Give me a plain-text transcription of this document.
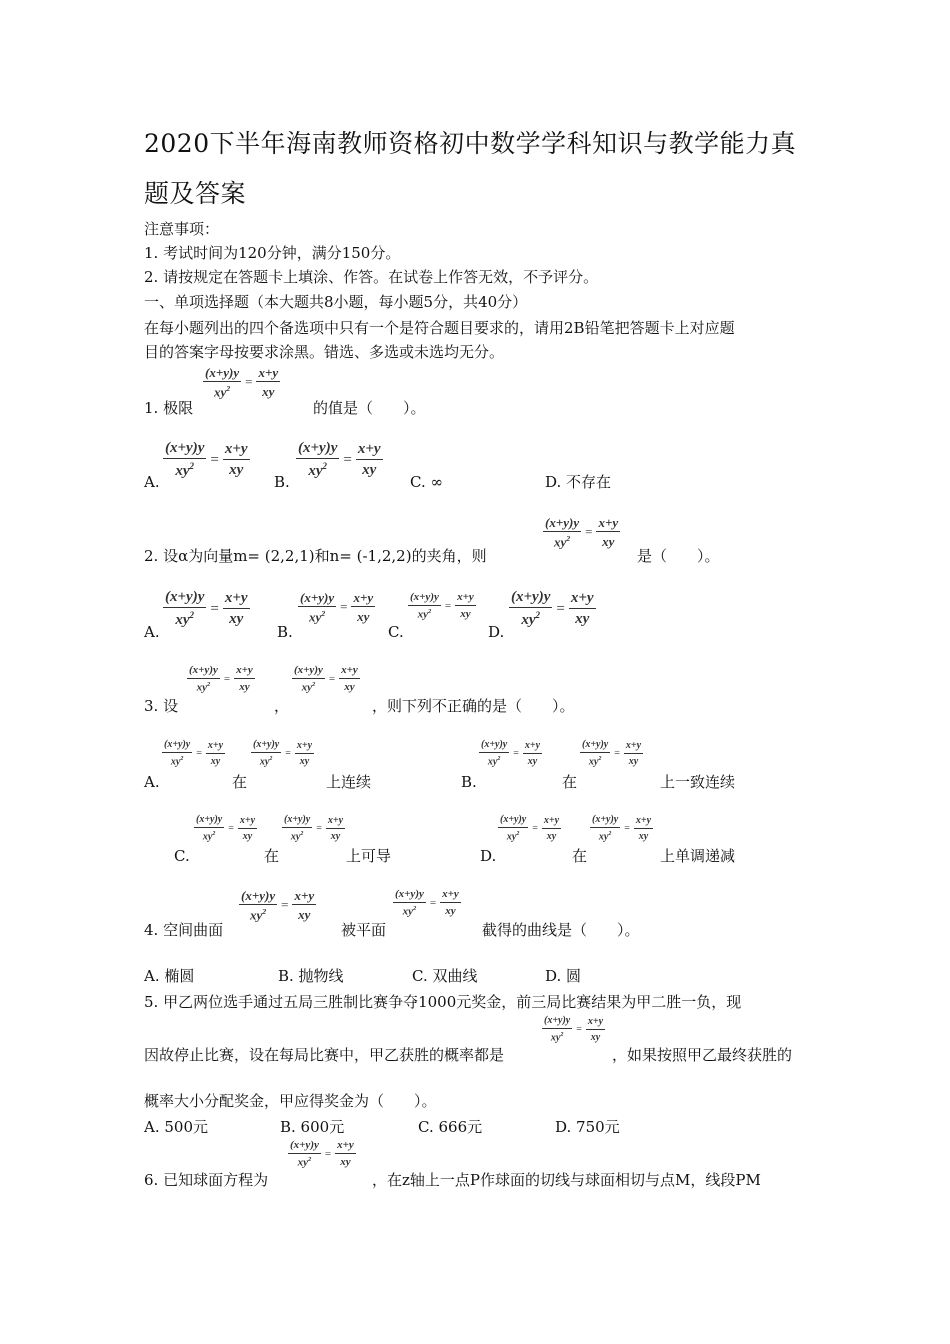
2020下半年海南教师资格初中数学学科知识与教学能力真
题及答案
注意事项：
1. 考试时间为120分钟，满分150分。
2. 请按规定在答题卡上填涂、作答。在试卷上作答无效，不予评分。
一、单项选择题（本大题共8小题，每小题5分，共40分）
在每小题列出的四个备选项中只有一个是符合题目要求的，请用2B铅笔把答题卡上对应题
目的答案字母按要求涂黑。错选、多选或未选均无分。
1. 极限
$\frac{(x+y)y}{xy^2} = \frac{x+y}{xy}$
的值是（　　）。
A.
$\frac{(x+y)y}{xy^2} = \frac{x+y}{xy}$
B.
$\frac{(x+y)y}{xy^2} = \frac{x+y}{xy}$
C. ∞	D. 不存在
2. 设α为向量m= (2,2,1)和n= (-1,2,2)的夹角，则
$\frac{(x+y)y}{xy^2} = \frac{x+y}{xy}$
是（　　）。
A.
$\frac{(x+y)y}{xy^2} = \frac{x+y}{xy}$
B.
$\frac{(x+y)y}{xy^2} = \frac{x+y}{xy}$
C.
$\frac{(x+y)y}{xy^2} = \frac{x+y}{xy}$
D.
$\frac{(x+y)y}{xy^2} = \frac{x+y}{xy}$
3. 设
$\frac{(x+y)y}{xy^2} = \frac{x+y}{xy}$
，
$\frac{(x+y)y}{xy^2} = \frac{x+y}{xy}$
，则下列不正确的是（　　）。
A.
$\frac{(x+y)y}{xy^2} = \frac{x+y}{xy}$
在
$\frac{(x+y)y}{xy^2} = \frac{x+y}{xy}$
上连续	B.
$\frac{(x+y)y}{xy^2} = \frac{x+y}{xy}$
在
$\frac{(x+y)y}{xy^2} = \frac{x+y}{xy}$
上一致连续
C.
$\frac{(x+y)y}{xy^2} = \frac{x+y}{xy}$
在
$\frac{(x+y)y}{xy^2} = \frac{x+y}{xy}$
上可导	D.
$\frac{(x+y)y}{xy^2} = \frac{x+y}{xy}$
在
$\frac{(x+y)y}{xy^2} = \frac{x+y}{xy}$
上单调递减
4. 空间曲面
$\frac{(x+y)y}{xy^2} = \frac{x+y}{xy}$
被平面
$\frac{(x+y)y}{xy^2} = \frac{x+y}{xy}$
截得的曲线是（　　）。
A. 椭圆	B. 抛物线	C. 双曲线	D. 圆
5. 甲乙两位选手通过五局三胜制比赛争夺1000元奖金，前三局比赛结果为甲二胜一负，现
因故停止比赛，设在每局比赛中，甲乙获胜的概率都是
$\frac{(x+y)y}{xy^2} = \frac{x+y}{xy}$
，如果按照甲乙最终获胜的
概率大小分配奖金，甲应得奖金为（　　）。
A. 500元	B. 600元	C. 666元	D. 750元
6. 已知球面方程为
$\frac{(x+y)y}{xy^2} = \frac{x+y}{xy}$
，在z轴上一点P作球面的切线与球面相切与点M，线段PM
